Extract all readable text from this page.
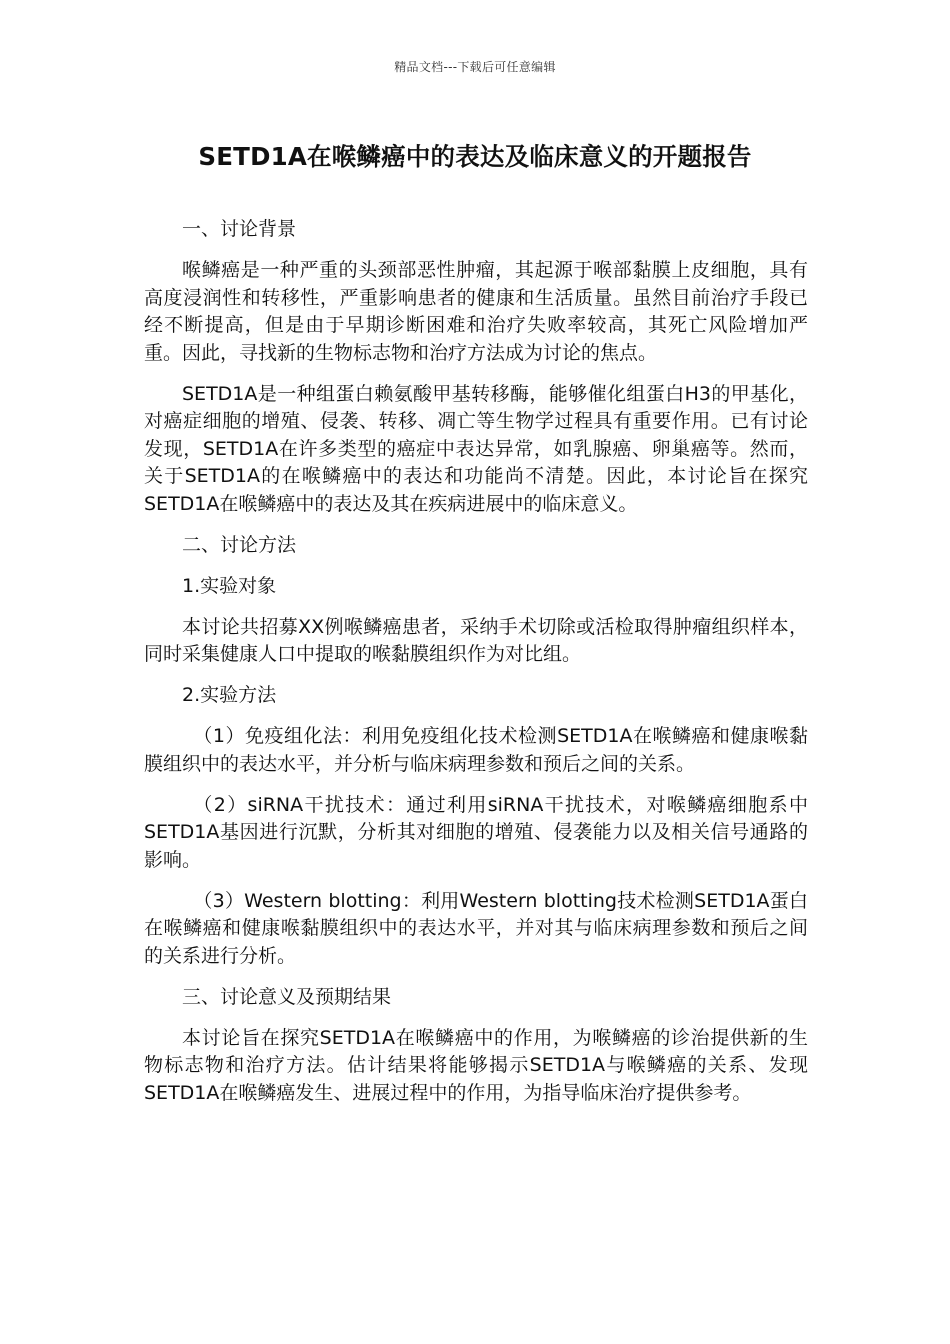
精品文档---下载后可任意编辑
SETD1A在喉鳞癌中的表达及临床意义的开题报告

一、讨论背景

喉鳞癌是一种严重的头颈部恶性肿瘤，其起源于喉部黏膜上皮细胞，具有高度浸润性和转移性，严重影响患者的健康和生活质量。虽然目前治疗手段已经不断提高，但是由于早期诊断困难和治疗失败率较高，其死亡风险增加严重。因此，寻找新的生物标志物和治疗方法成为讨论的焦点。

SETD1A是一种组蛋白赖氨酸甲基转移酶，能够催化组蛋白H3的甲基化，对癌症细胞的增殖、侵袭、转移、凋亡等生物学过程具有重要作用。已有讨论发现，SETD1A在许多类型的癌症中表达异常，如乳腺癌、卵巢癌等。然而，关于SETD1A的在喉鳞癌中的表达和功能尚不清楚。因此，本讨论旨在探究SETD1A在喉鳞癌中的表达及其在疾病进展中的临床意义。

二、讨论方法

1.实验对象

本讨论共招募XX例喉鳞癌患者，采纳手术切除或活检取得肿瘤组织样本，同时采集健康人口中提取的喉黏膜组织作为对比组。

2.实验方法

（1）免疫组化法：利用免疫组化技术检测SETD1A在喉鳞癌和健康喉黏膜组织中的表达水平，并分析与临床病理参数和预后之间的关系。

（2）siRNA干扰技术：通过利用siRNA干扰技术，对喉鳞癌细胞系中SETD1A基因进行沉默，分析其对细胞的增殖、侵袭能力以及相关信号通路的影响。

（3）Western blotting：利用Western blotting技术检测SETD1A蛋白在喉鳞癌和健康喉黏膜组织中的表达水平，并对其与临床病理参数和预后之间的关系进行分析。

三、讨论意义及预期结果

本讨论旨在探究SETD1A在喉鳞癌中的作用，为喉鳞癌的诊治提供新的生物标志物和治疗方法。估计结果将能够揭示SETD1A与喉鳞癌的关系、发现SETD1A在喉鳞癌发生、进展过程中的作用，为指导临床治疗提供参考。
